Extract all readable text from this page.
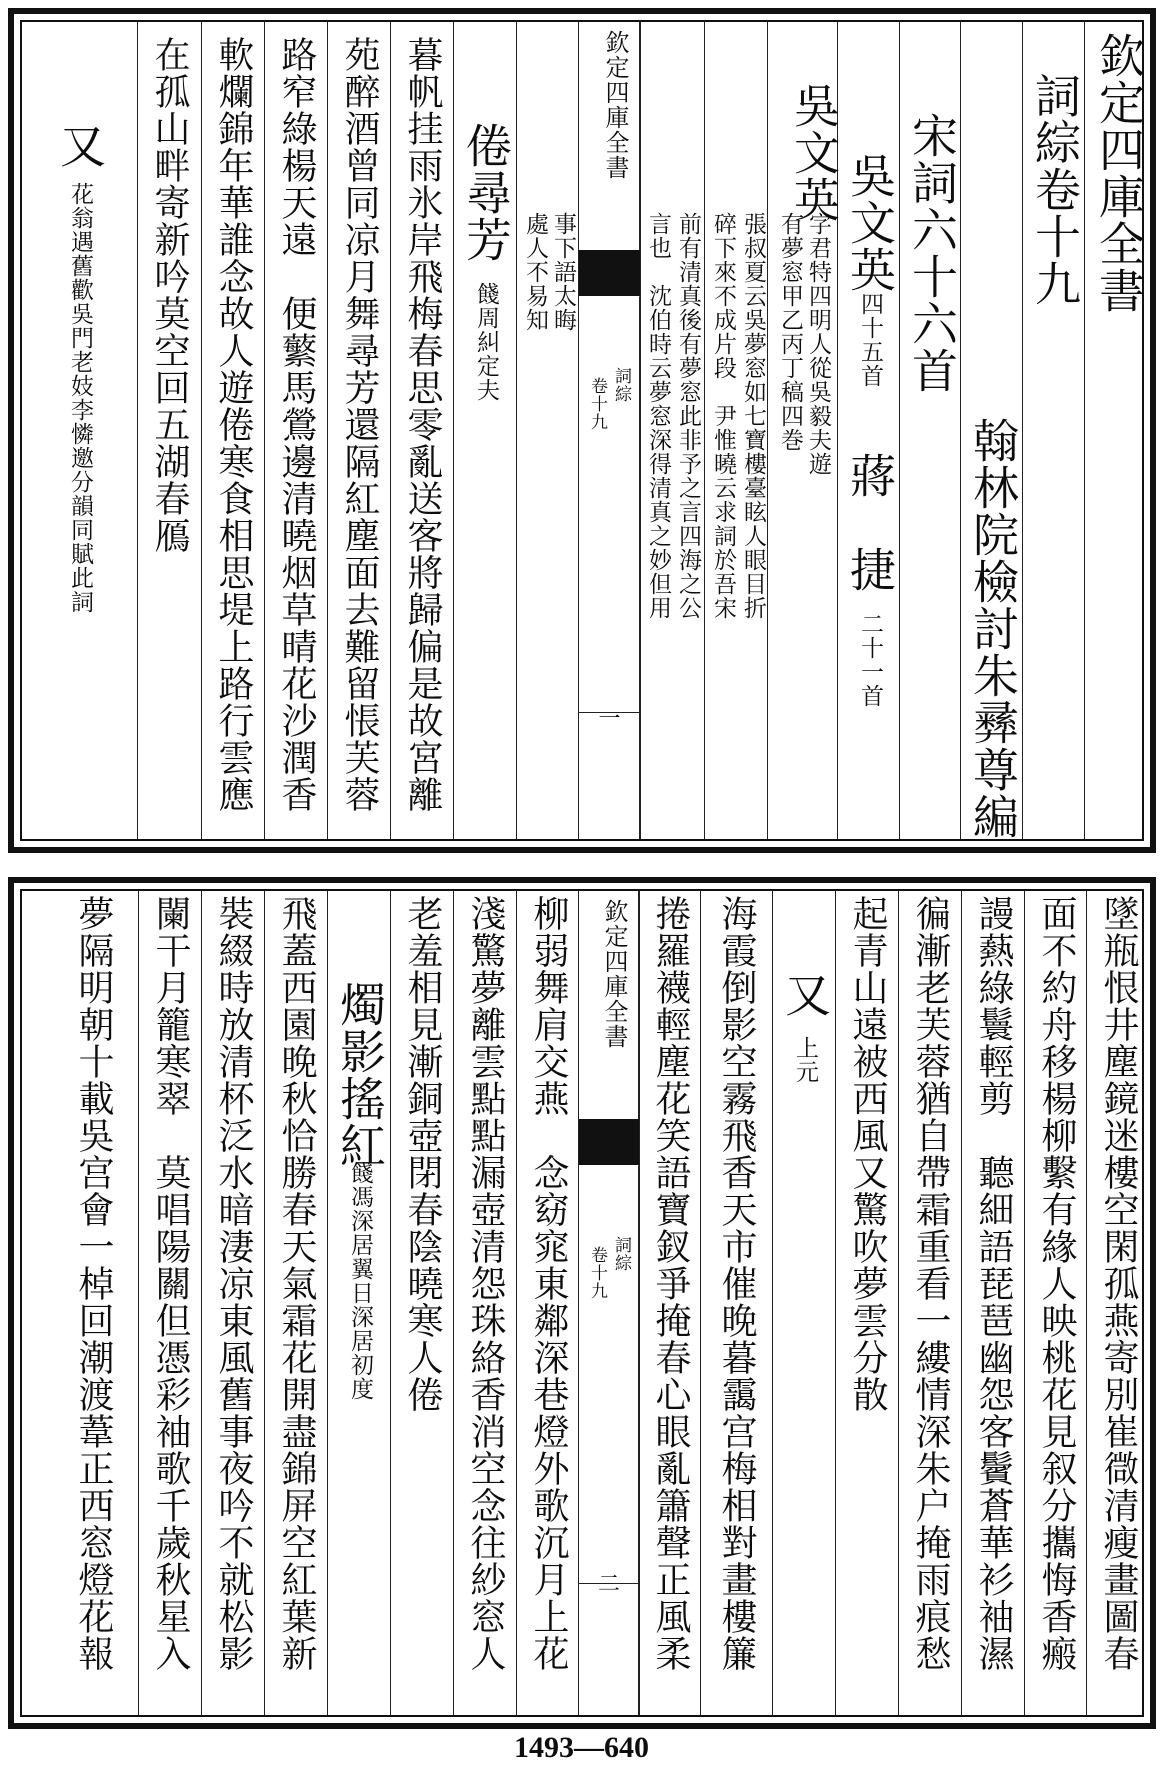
欽定四庫全書
詞綜卷十九
翰林院檢討朱彞尊編
宋詞六十六首
吳文英
四十五首
蔣　捷
二十一首
吳文英
字君特四明人從吳毅夫遊
有夢窓甲乙丙丁稿四巻
張叔夏云吳夢窓如七寶樓臺眩人眼目折
碎下來不成片段　尹惟曉云求詞於吾宋
前有清真後有夢窓此非予之言四海之公
言也　沈伯時云夢窓深得清真之妙但用
欽定四庫全書
詞綜
卷十九
一
事下語太晦
處人不易知
倦尋芳
餞周糾定夫
暮帆挂雨氷岸飛梅春思零亂送客將歸偏是故宮離
苑醉酒曾同凉月舞尋芳還隔紅塵面去難留悵芙蓉
路窄綠楊天遠　便蘩馬鶯邊清曉烟草晴花沙潤香
軟爛錦年華誰念故人遊倦寒食相思堤上路行雲應
在孤山畔寄新吟莫空回五湖春鴈
又
花翁遇舊歡吳門老妓李憐邀分韻同賦此詞
墜瓶恨井塵鏡迷樓空閑孤燕寄別崔㣲清瘦畫圖春
面不約舟移楊柳繫有緣人映桃花見叙分攜悔香瘢
謾爇綠鬟輕剪　聽細語琵琶幽怨客鬢蒼華衫袖濕
徧漸老芙蓉猶自帶霜重看一縷情深朱户掩雨痕愁
起青山遠被西風又驚吹夢雲分散
又
上元
海霞倒影空霧飛香天市催晚暮靄宫梅相對畫樓簾
捲羅襪輕塵花笑語寶釵爭掩春心眼亂簫聲正風柔
欽定四庫全書
詞綜
卷十九
二
柳弱舞肩交燕　念窈窕東鄰深巷燈外歌沉月上花
淺驚夢離雲點點漏壺清怨珠絡香消空念往紗窓人
老羞相見漸銅壺閉春陰曉寒人倦
燭影搖紅
餞馮深居翼日深居初度
飛蓋西園晚秋恰勝春天氣霜花開盡錦屏空紅葉新
裝綴時放清杯泛水暗淒凉東風舊事夜吟不就松影
闌干月籠寒翠　莫唱陽關但憑彩袖歌千歲秋星入
夢隔明朝十載吳宫會一棹回潮渡葦正西窓燈花報
1493—640
